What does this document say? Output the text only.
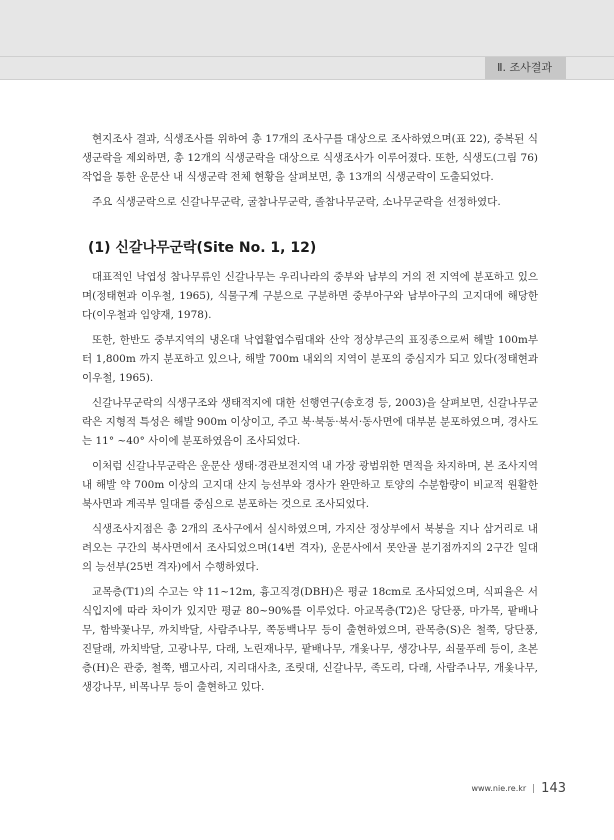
Ⅱ. 조사결과

현지조사 결과, 식생조사를 위하여 총 17개의 조사구를 대상으로 조사하였으며(표 22), 중복된 식생군락을 제외하면, 총 12개의 식생군락을 대상으로 식생조사가 이루어졌다. 또한, 식생도(그림 76) 작업을 통한 운문산 내 식생군락 전체 현황을 살펴보면, 총 13개의 식생군락이 도출되었다.

주요 식생군락으로 신갈나무군락, 굴참나무군락, 졸참나무군락, 소나무군락을 선정하였다.

(1) 신갈나무군락(Site No. 1, 12)

대표적인 낙엽성 참나무류인 신갈나무는 우리나라의 중부와 남부의 거의 전 지역에 분포하고 있으며(정태현과 이우철, 1965), 식물구계 구분으로 구분하면 중부아구와 남부아구의 고지대에 해당한다(이우철과 임양재, 1978).

또한, 한반도 중부지역의 냉온대 낙엽활엽수림대와 산악 정상부근의 표징종으로써 해발 100m부터 1,800m 까지 분포하고 있으나, 해발 700m 내외의 지역이 분포의 중심지가 되고 있다(정태현과 이우철, 1965).

신갈나무군락의 식생구조와 생태적지에 대한 선행연구(송호경 등, 2003)을 살펴보면, 신갈나무군락은 지형적 특성은 해발 900m 이상이고, 주고 북·북동·북서·동사면에 대부분 분포하였으며, 경사도는 11° ~40° 사이에 분포하였음이 조사되었다.

이처럼 신갈나무군락은 운문산 생태·경관보전지역 내 가장 광범위한 면적을 차지하며, 본 조사지역 내 해발 약 700m 이상의 고지대 산지 능선부와 경사가 완만하고 토양의 수분함량이 비교적 원활한 북사면과 계곡부 일대를 중심으로 분포하는 것으로 조사되었다.

식생조사지점은 총 2개의 조사구에서 실시하였으며, 가지산 정상부에서 북봉을 지나 삼거리로 내려오는 구간의 북사면에서 조사되었으며(14번 격자), 운문사에서 못안골 분기점까지의 2구간 일대의 능선부(25번 격자)에서 수행하였다.

교목층(T1)의 수고는 약 11~12m, 흉고직경(DBH)은 평균 18cm로 조사되었으며, 식피율은 서식입지에 따라 차이가 있지만 평균 80~90%를 이루었다. 아교목층(T2)은 당단풍, 마가목, 팥배나무, 함박꽃나무, 까치박달, 사람주나무, 쪽동백나무 등이 출현하였으며, 관목층(S)은 철쭉, 당단풍, 진달래, 까치박달, 고광나무, 다래, 노린재나무, 팥배나무, 개옻나무, 생강나무, 쇠물푸레 등이, 초본층(H)은 관중, 철쭉, 뱀고사리, 지리대사초, 조릿대, 신갈나무, 족도리, 다래, 사람주나무, 개옻나무, 생강나무, 비목나무 등이 출현하고 있다.

www.nie.re.kr 143
